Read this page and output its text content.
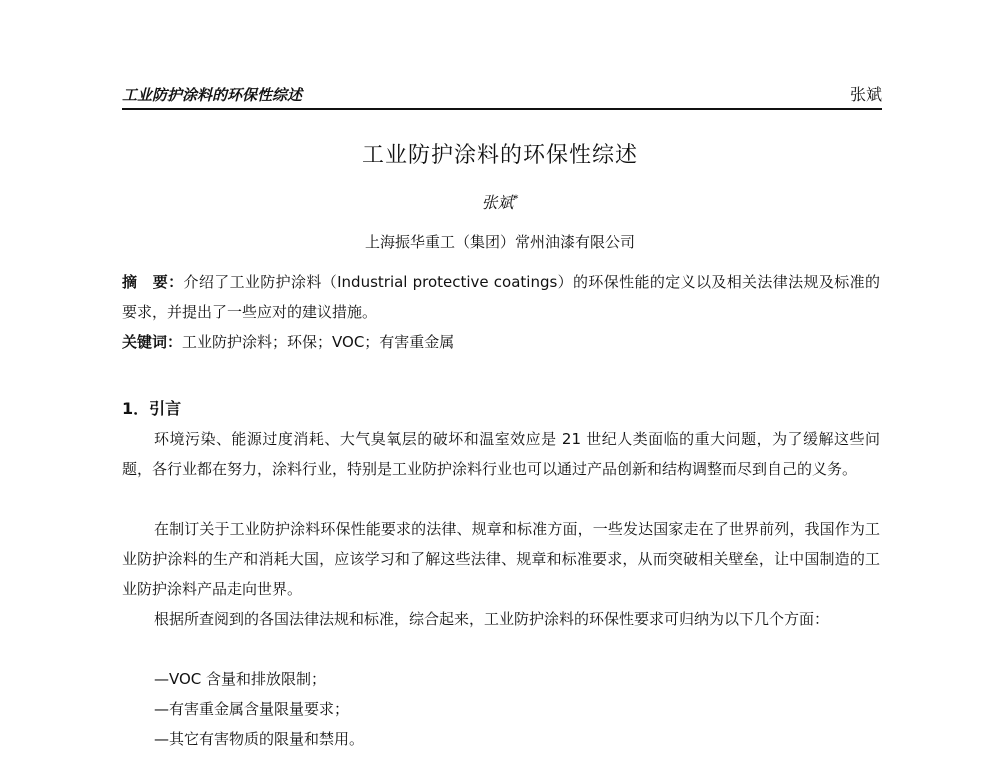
工业防护涂料的环保性综述	张斌
工业防护涂料的环保性综述
张斌*
上海振华重工（集团）常州油漆有限公司
摘　要：介绍了工业防护涂料（Industrial protective coatings）的环保性能的定义以及相关法律法规及标准的要求，并提出了一些应对的建议措施。
关键词：工业防护涂料；环保；VOC；有害重金属
1．引言
环境污染、能源过度消耗、大气臭氧层的破坏和温室效应是 21 世纪人类面临的重大问题，为了缓解这些问题，各行业都在努力，涂料行业，特别是工业防护涂料行业也可以通过产品创新和结构调整而尽到自己的义务。
在制订关于工业防护涂料环保性能要求的法律、规章和标准方面，一些发达国家走在了世界前列，我国作为工业防护涂料的生产和消耗大国，应该学习和了解这些法律、规章和标准要求，从而突破相关壁垒，让中国制造的工业防护涂料产品走向世界。
根据所查阅到的各国法律法规和标准，综合起来，工业防护涂料的环保性要求可归纳为以下几个方面：
—VOC 含量和排放限制；
—有害重金属含量限量要求；
—其它有害物质的限量和禁用。
